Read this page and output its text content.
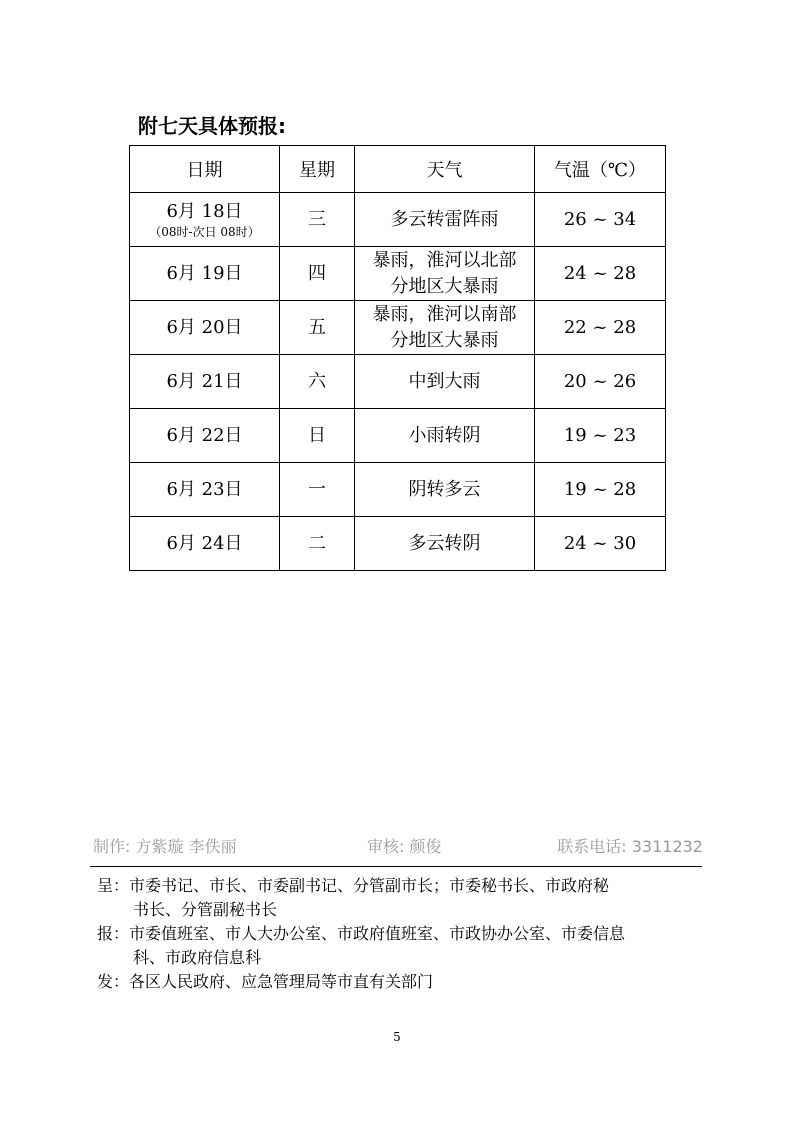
附七天具体预报:
日期	星期	天气	气温（℃）

6月 18日
（08时-次日 08时）	三	多云转雷阵雨	26 ~ 34
6月 19日	四	暴雨，淮河以北部
分地区大暴雨	24 ~ 28
6月 20日	五	暴雨，淮河以南部
分地区大暴雨	22 ~ 28
6月 21日	六	中到大雨	20 ~ 26
6月 22日	日	小雨转阴	19 ~ 23
6月 23日	一	阴转多云	19 ~ 28
6月 24日	二	多云转阴	24 ~ 30
制作: 方紫璇 李佚丽	审核: 颜俊	联系电话: 3311232
呈：市委书记、市长、市委副书记、分管副市长；市委秘书长、市政府秘
书长、分管副秘书长
报：市委值班室、市人大办公室、市政府值班室、市政协办公室、市委信息
科、市政府信息科
发：各区人民政府、应急管理局等市直有关部门
5
